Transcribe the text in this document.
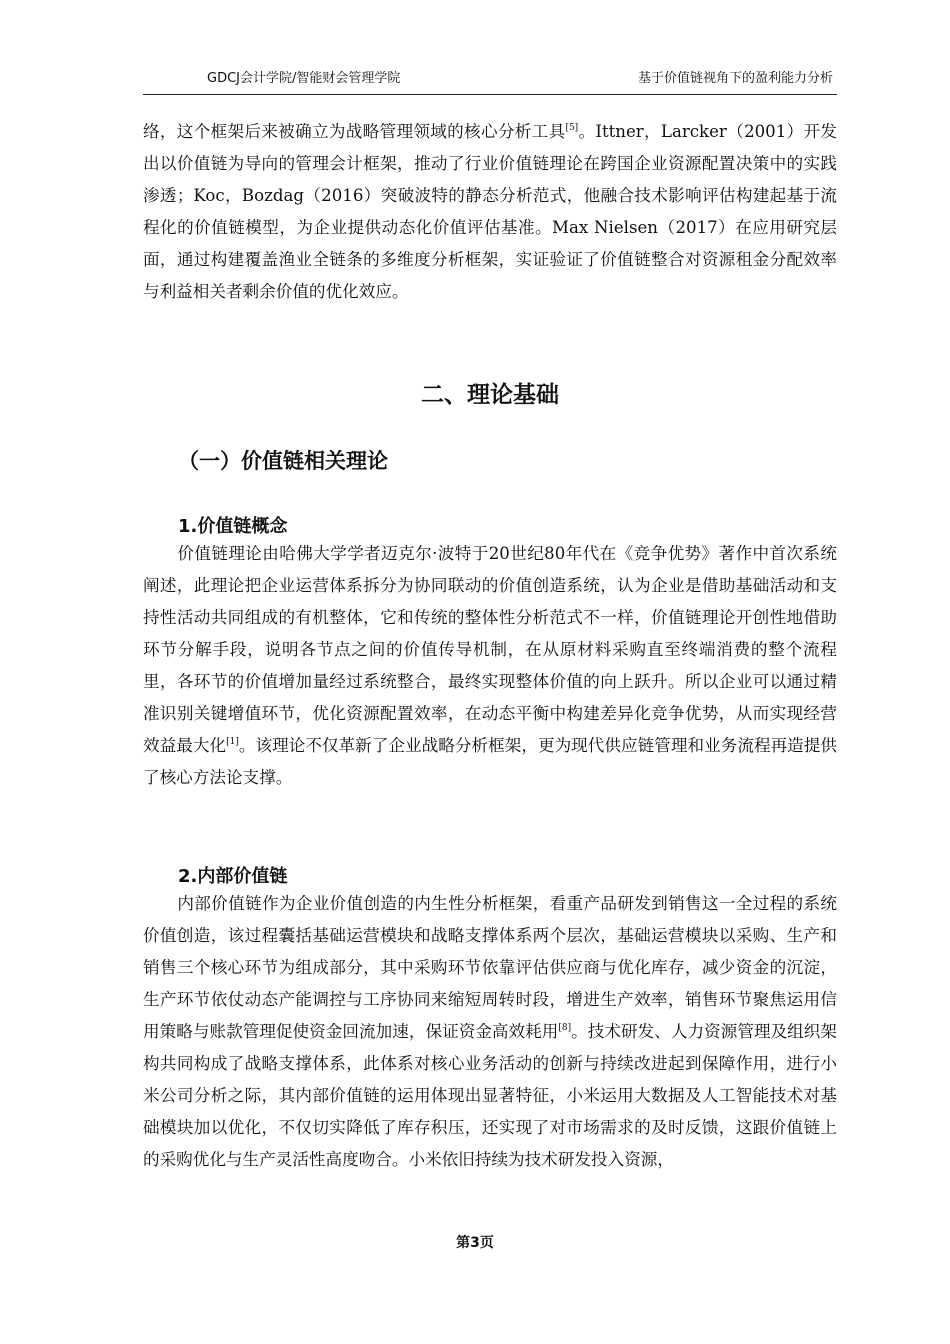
GDCJ会计学院/智能财会管理学院	基于价值链视角下的盈利能力分析

络，这个框架后来被确立为战略管理领域的核心分析工具[5]。Ittner，Larcker（2001）开发出以价值链为导向的管理会计框架，推动了行业价值链理论在跨国企业资源配置决策中的实践渗透；Koc，Bozdag（2016）突破波特的静态分析范式，他融合技术影响评估构建起基于流程化的价值链模型，为企业提供动态化价值评估基准。Max Nielsen（2017）在应用研究层面，通过构建覆盖渔业全链条的多维度分析框架，实证验证了价值链整合对资源租金分配效率与利益相关者剩余价值的优化效应。

二、理论基础
（一）价值链相关理论
1.价值链概念

价值链理论由哈佛大学学者迈克尔·波特于20世纪80年代在《竞争优势》著作中首次系统阐述，此理论把企业运营体系拆分为协同联动的价值创造系统，认为企业是借助基础活动和支持性活动共同组成的有机整体，它和传统的整体性分析范式不一样，价值链理论开创性地借助环节分解手段，说明各节点之间的价值传导机制，在从原材料采购直至终端消费的整个流程里，各环节的价值增加量经过系统整合，最终实现整体价值的向上跃升。所以企业可以通过精准识别关键增值环节，优化资源配置效率，在动态平衡中构建差异化竞争优势，从而实现经营效益最大化[1]。该理论不仅革新了企业战略分析框架，更为现代供应链管理和业务流程再造提供了核心方法论支撑。

2.内部价值链

内部价值链作为企业价值创造的内生性分析框架，看重产品研发到销售这一全过程的系统价值创造，该过程囊括基础运营模块和战略支撑体系两个层次，基础运营模块以采购、生产和销售三个核心环节为组成部分，其中采购环节依靠评估供应商与优化库存，减少资金的沉淀，生产环节依仗动态产能调控与工序协同来缩短周转时段，增进生产效率，销售环节聚焦运用信用策略与账款管理促使资金回流加速，保证资金高效耗用[8]。技术研发、人力资源管理及组织架构共同构成了战略支撑体系，此体系对核心业务活动的创新与持续改进起到保障作用，进行小米公司分析之际，其内部价值链的运用体现出显著特征，小米运用大数据及人工智能技术对基础模块加以优化，不仅切实降低了库存积压，还实现了对市场需求的及时反馈，这跟价值链上的采购优化与生产灵活性高度吻合。小米依旧持续为技术研发投入资源，

第3页
